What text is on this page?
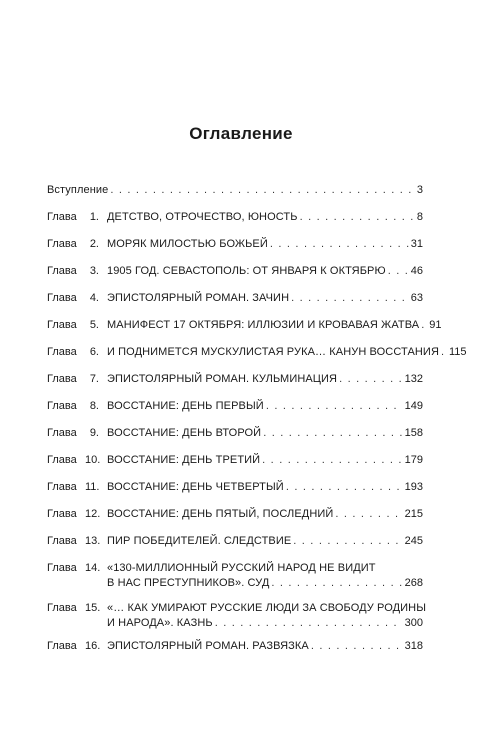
Оглавление
Вступление . . .	3
Глава	1. ДЕТСТВО, ОТРОЧЕСТВО, ЮНОСТЬ . . .	8
Глава	2. МОРЯК МИЛОСТЬЮ БОЖЬЕЙ . . .	31
Глава	3. 1905 ГОД. СЕВАСТОПОЛЬ: ОТ ЯНВАРЯ К ОКТЯБРЮ . . . 46
Глава	4. ЭПИСТОЛЯРНЫЙ РОМАН. ЗАЧИН . . .	63
Глава	5. МАНИФЕСТ 17 ОКТЯБРЯ: ИЛЛЮЗИИ И КРОВАВАЯ ЖАТВА . . . 91
Глава	6. И ПОДНИМЕТСЯ МУСКУЛИСТАЯ РУКА… КАНУН ВОССТАНИЯ . . . 115
Глава	7. ЭПИСТОЛЯРНЫЙ РОМАН. КУЛЬМИНАЦИЯ . . .	132
Глава	8. ВОССТАНИЕ: ДЕНЬ ПЕРВЫЙ . . .	149
Глава	9. ВОССТАНИЕ: ДЕНЬ ВТОРОЙ . . .	158
Глава 10. ВОССТАНИЕ: ДЕНЬ ТРЕТИЙ . . .	179
Глава 11. ВОССТАНИЕ: ДЕНЬ ЧЕТВЕРТЫЙ . . .	193
Глава 12. ВОССТАНИЕ: ДЕНЬ ПЯТЫЙ, ПОСЛЕДНИЙ . . .	215
Глава 13. ПИР ПОБЕДИТЕЛЕЙ. СЛЕДСТВИЕ . . .	245
Глава 14. «130-МИЛЛИОННЫЙ РУССКИЙ НАРОД НЕ ВИДИТ
В НАС ПРЕСТУПНИКОВ». СУД . . .	268
Глава 15. «… КАК УМИРАЮТ РУССКИЕ ЛЮДИ ЗА СВОБОДУ РОДИНЫ
И НАРОДА». КАЗНЬ . . .	300
Глава 16. ЭПИСТОЛЯРНЫЙ РОМАН. РАЗВЯЗКА . . .	318
